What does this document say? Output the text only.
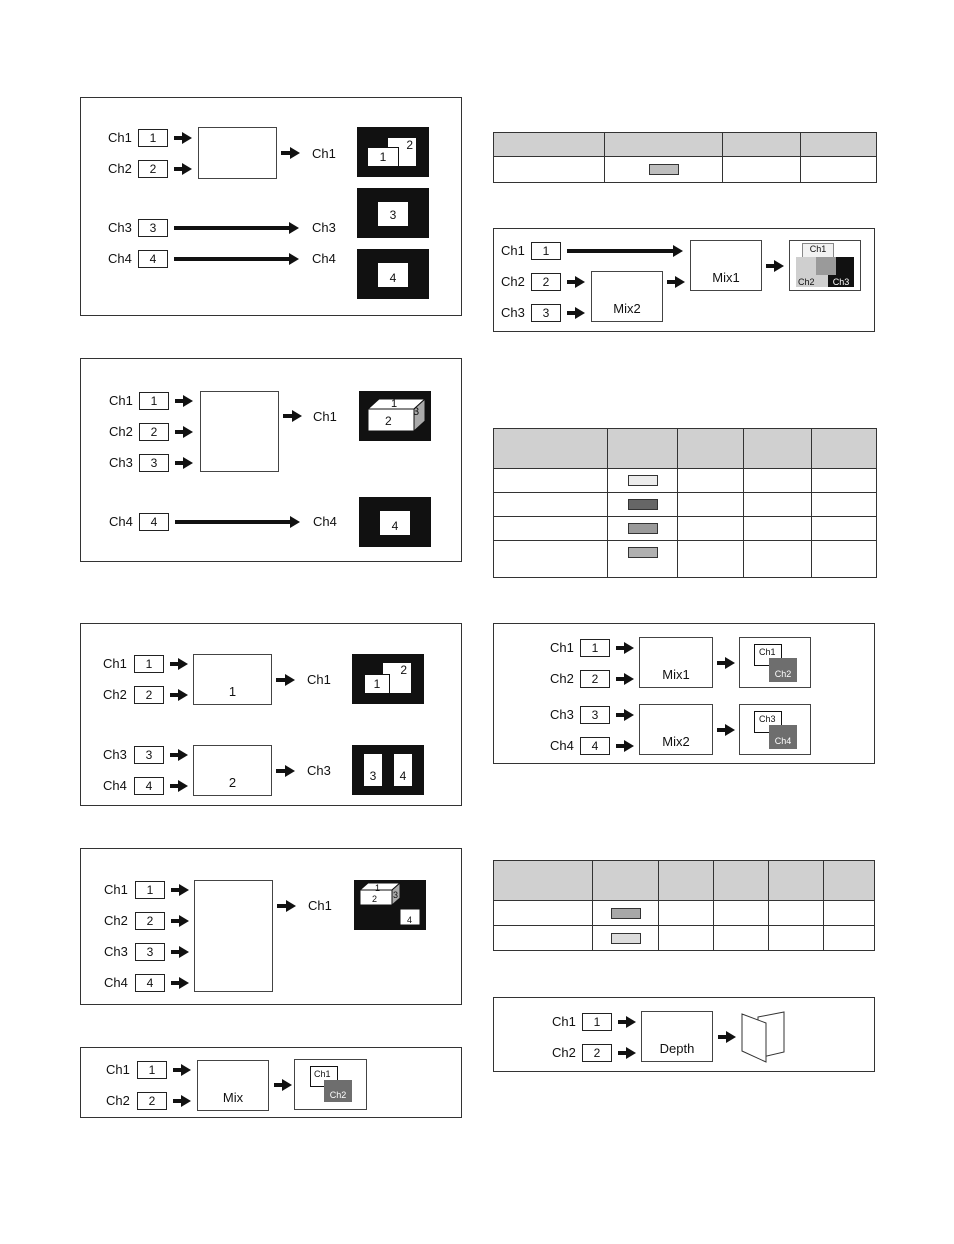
Ch1	1
Ch2	2
Ch1
2
1
Ch3	3	Ch3
3
Ch4	4	Ch4
4
Ch1	1
Ch2	2
Ch3	3
Ch1
1
2
3
Ch4	4	Ch4	4
Ch1	1
Ch2	2	1
Ch1
2
1
Ch3	3
Ch4	4	2
Ch3	3	4
Ch1	1
Ch2	2
Ch3	3
Ch4	4
Ch1
1
2 3
4
Ch1	1
Ch2	2	Mix
Ch1
Ch2

Ch1	1
Ch2	2
Ch3	3	Mix2
Mix1
Ch1
Ch3
Ch2

Ch1	1
Ch2	2	Mix1
Ch1
Ch2
Ch3	3
Ch4	4	Mix2
Ch3
Ch4

Ch1	1
Ch2	2	Depth
